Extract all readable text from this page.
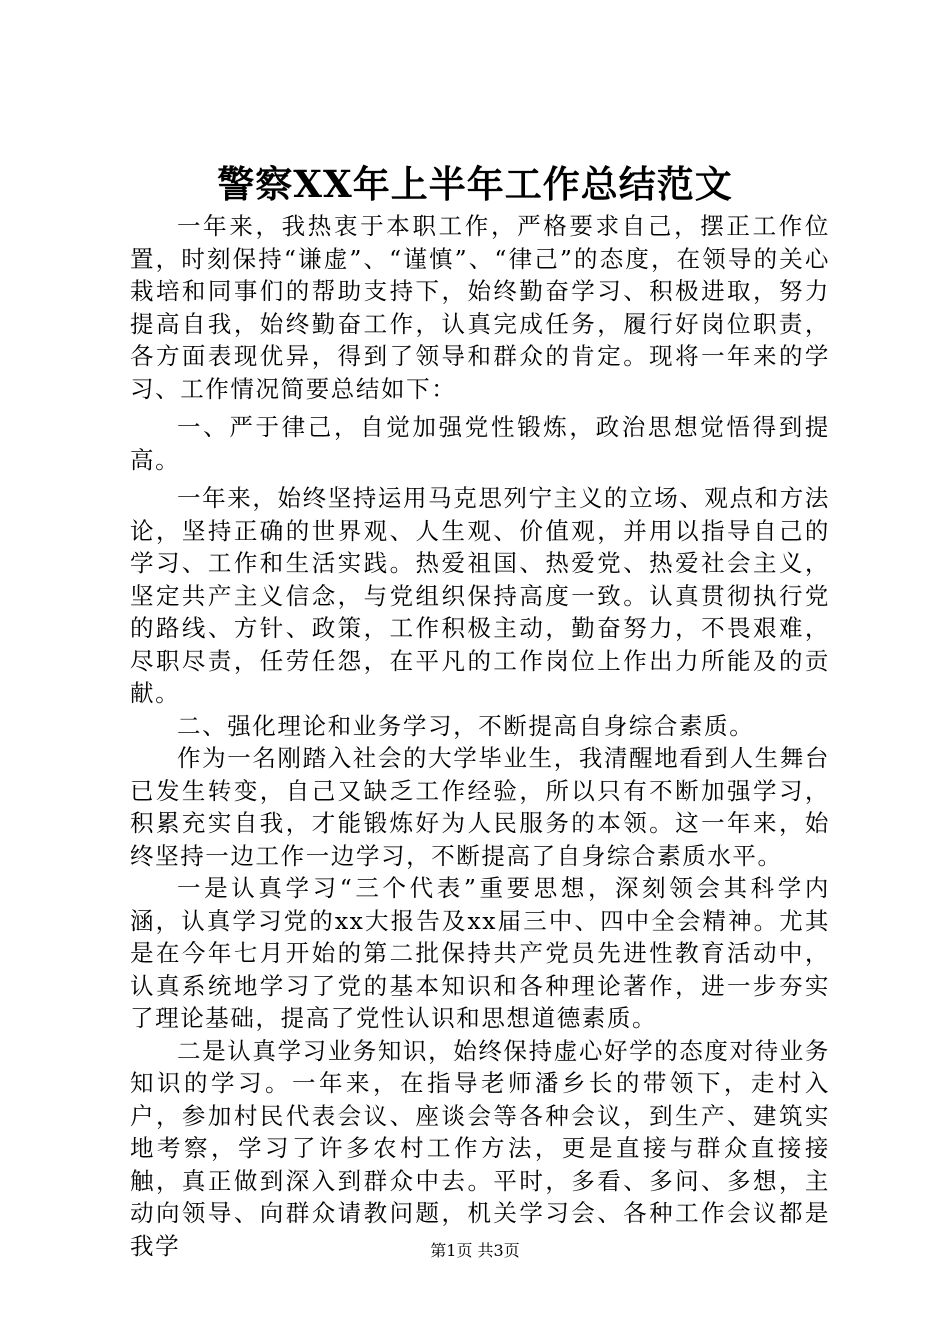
警察XX年上半年工作总结范文

一年来，我热衷于本职工作，严格要求自己，摆正工作位置，时刻保持“谦虚”、“谨慎”、“律己”的态度，在领导的关心栽培和同事们的帮助支持下，始终勤奋学习、积极进取，努力提高自我，始终勤奋工作，认真完成任务，履行好岗位职责，各方面表现优异，得到了领导和群众的肯定。现将一年来的学习、工作情况简要总结如下：

一、严于律己，自觉加强党性锻炼，政治思想觉悟得到提高。

一年来，始终坚持运用马克思列宁主义的立场、观点和方法论，坚持正确的世界观、人生观、价值观，并用以指导自己的学习、工作和生活实践。热爱祖国、热爱党、热爱社会主义，坚定共产主义信念，与党组织保持高度一致。认真贯彻执行党的路线、方针、政策，工作积极主动，勤奋努力，不畏艰难，尽职尽责，任劳任怨，在平凡的工作岗位上作出力所能及的贡献。

二、强化理论和业务学习，不断提高自身综合素质。

作为一名刚踏入社会的大学毕业生，我清醒地看到人生舞台已发生转变，自己又缺乏工作经验，所以只有不断加强学习，积累充实自我，才能锻炼好为人民服务的本领。这一年来，始终坚持一边工作一边学习，不断提高了自身综合素质水平。

一是认真学习“三个代表”重要思想，深刻领会其科学内涵，认真学习党的xx大报告及xx届三中、四中全会精神。尤其是在今年七月开始的第二批保持共产党员先进性教育活动中，认真系统地学习了党的基本知识和各种理论著作，进一步夯实了理论基础，提高了党性认识和思想道德素质。

二是认真学习业务知识，始终保持虚心好学的态度对待业务知识的学习。一年来，在指导老师潘乡长的带领下，走村入户，参加村民代表会议、座谈会等各种会议，到生产、建筑实地考察，学习了许多农村工作方法，更是直接与群众直接接触，真正做到深入到群众中去。平时，多看、多问、多想，主动向领导、向群众请教问题，机关学习会、各种工作会议都是我学	第1页 共3页
